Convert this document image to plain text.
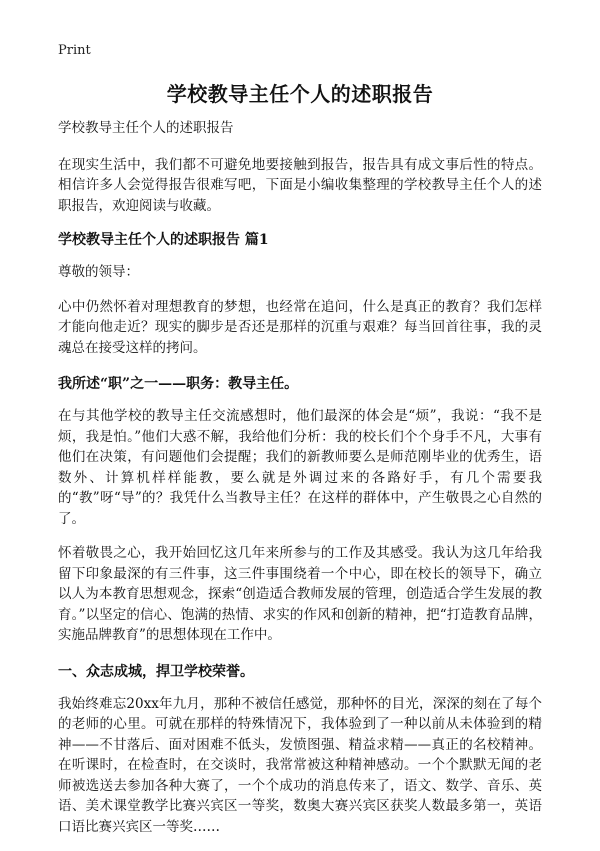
Print
学校教导主任个人的述职报告

学校教导主任个人的述职报告

在现实生活中，我们都不可避免地要接触到报告，报告具有成文事后性的特点。相信许多人会觉得报告很难写吧，下面是小编收集整理的学校教导主任个人的述职报告，欢迎阅读与收藏。

学校教导主任个人的述职报告 篇1

尊敬的领导：

心中仍然怀着对理想教育的梦想，也经常在追问，什么是真正的教育？我们怎样才能向他走近？现实的脚步是否还是那样的沉重与艰难？每当回首往事，我的灵魂总在接受这样的拷问。

我所述“职”之一——职务：教导主任。

在与其他学校的教导主任交流感想时，他们最深的体会是“烦”，我说：“我不是烦，我是怕。”他们大惑不解，我给他们分析：我的校长们个个身手不凡，大事有他们在决策，有问题他们会提醒；我们的新教师要么是师范刚毕业的优秀生，语数外、计算机样样能教，要么就是外调过来的各路好手，有几个需要我的“教”呀“导”的？我凭什么当教导主任？在这样的群体中，产生敬畏之心自然的了。

怀着敬畏之心，我开始回忆这几年来所参与的工作及其感受。我认为这几年给我留下印象最深的有三件事，这三件事围绕着一个中心，即在校长的领导下，确立以人为本教育思想观念，探索“创造适合教师发展的管理，创造适合学生发展的教育。”以坚定的信心、饱满的热情、求实的作风和创新的精神，把“打造教育品牌，实施品牌教育”的思想体现在工作中。

一、众志成城，捍卫学校荣誉。

我始终难忘20xx年九月，那种不被信任感觉，那种怀的目光，深深的刻在了每个的老师的心里。可就在那样的特殊情况下，我体验到了一种以前从未体验到的精神——不甘落后、面对困难不低头，发愤图强、精益求精——真正的名校精神。在听课时，在检查时，在交谈时，我常常被这种精神感动。一个个默默无闻的老师被选送去参加各种大赛了，一个个成功的消息传来了，语文、数学、音乐、英语、美术课堂教学比赛兴宾区一等奖，数奥大赛兴宾区获奖人数最多第一，英语口语比赛兴宾区一等奖……
